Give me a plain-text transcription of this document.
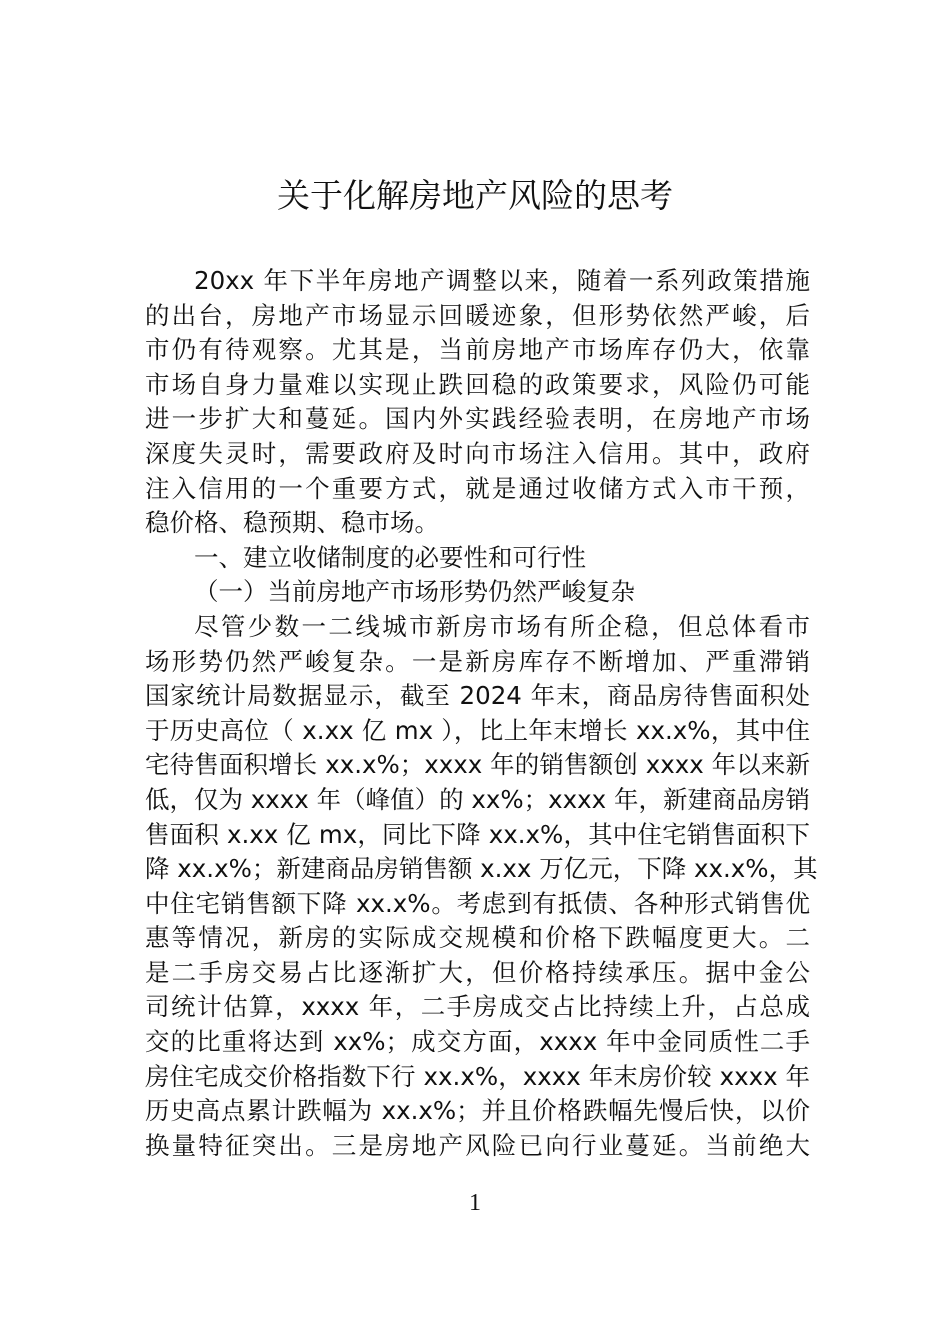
关于化解房地产风险的思考
20xx 年下半年房地产调整以来，随着一系列政策措施
的出台，房地产市场显示回暖迹象，但形势依然严峻，后
市仍有待观察。尤其是，当前房地产市场库存仍大，依靠
市场自身力量难以实现止跌回稳的政策要求，风险仍可能
进一步扩大和蔓延。国内外实践经验表明，在房地产市场
深度失灵时，需要政府及时向市场注入信用。其中，政府
注入信用的一个重要方式，就是通过收储方式入市干预，
稳价格、稳预期、稳市场。
一、建立收储制度的必要性和可行性
（一）当前房地产市场形势仍然严峻复杂
尽管少数一二线城市新房市场有所企稳，但总体看市
场形势仍然严峻复杂。一是新房库存不断增加、严重滞销
国家统计局数据显示，截至 2024 年末，商品房待售面积处
于历史高位（ x.xx 亿 mx ），比上年末增长 xx.x%，其中住
宅待售面积增长 xx.x%；xxxx 年的销售额创 xxxx 年以来新
低，仅为 xxxx 年（峰值）的 xx%；xxxx 年，新建商品房销
售面积 x.xx 亿 mx，同比下降 xx.x%，其中住宅销售面积下
降 xx.x%；新建商品房销售额 x.xx 万亿元，下降 xx.x%，其
中住宅销售额下降 xx.x%。考虑到有抵债、各种形式销售优
惠等情况，新房的实际成交规模和价格下跌幅度更大。二
是二手房交易占比逐渐扩大，但价格持续承压。据中金公
司统计估算，xxxx 年，二手房成交占比持续上升，占总成
交的比重将达到 xx%；成交方面，xxxx 年中金同质性二手
房住宅成交价格指数下行 xx.x%，xxxx 年末房价较 xxxx 年
历史高点累计跌幅为 xx.x%；并且价格跌幅先慢后快，以价
换量特征突出。三是房地产风险已向行业蔓延。当前绝大
1
